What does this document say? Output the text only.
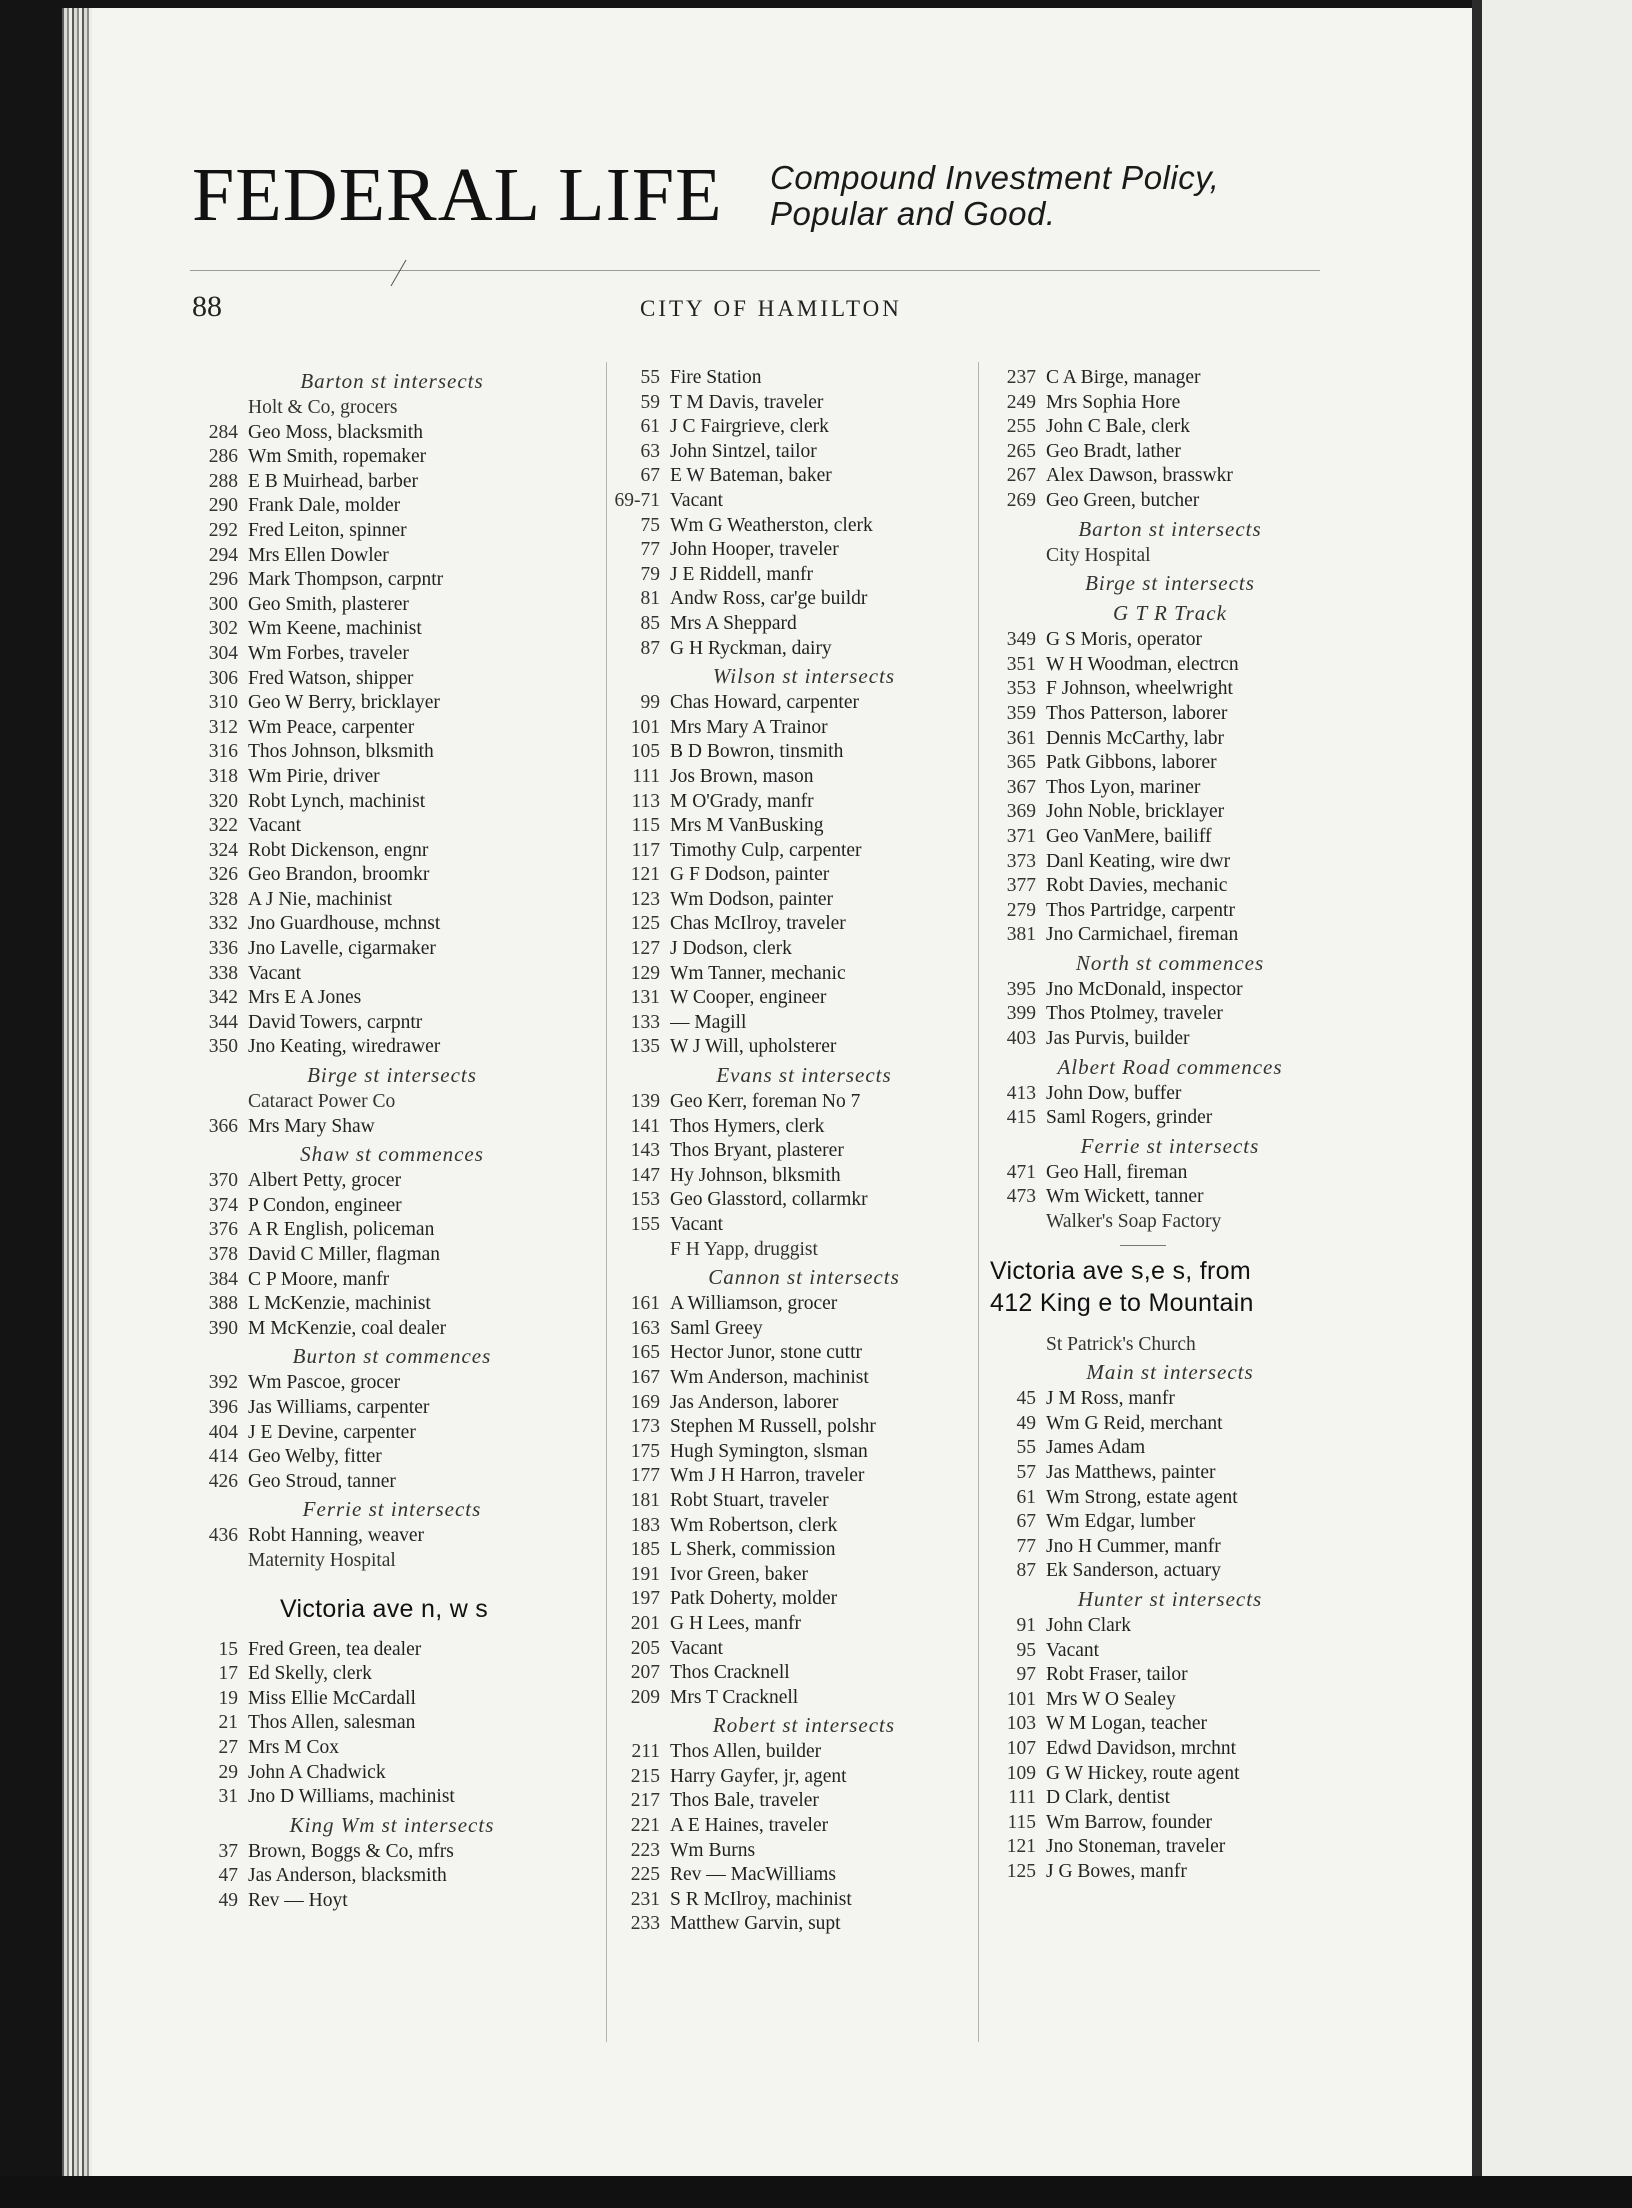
FEDERAL LIFE Compound Investment Policy,
Popular and Good.
88	CITY OF HAMILTON
Barton st intersects
Holt & Co, grocers
284 Geo Moss, blacksmith
286 Wm Smith, ropemaker
288 E B Muirhead, barber
290 Frank Dale, molder
292 Fred Leiton, spinner
294 Mrs Ellen Dowler
296 Mark Thompson, carpntr
300 Geo Smith, plasterer
302 Wm Keene, machinist
304 Wm Forbes, traveler
306 Fred Watson, shipper
310 Geo W Berry, bricklayer
312 Wm Peace, carpenter
316 Thos Johnson, blksmith
318 Wm Pirie, driver
320 Robt Lynch, machinist
322 Vacant
324 Robt Dickenson, engnr
326 Geo Brandon, broomkr
328 A J Nie, machinist
332 Jno Guardhouse, mchnst
336 Jno Lavelle, cigarmaker
338 Vacant
342 Mrs E A Jones
344 David Towers, carpntr
350 Jno Keating, wiredrawer
Birge st intersects
Cataract Power Co
366 Mrs Mary Shaw
Shaw st commences
370 Albert Petty, grocer
374 P Condon, engineer
376 A R English, policeman
378 David C Miller, flagman
384 C P Moore, manfr
388 L McKenzie, machinist
390 M McKenzie, coal dealer
Burton st commences
392 Wm Pascoe, grocer
396 Jas Williams, carpenter
404 J E Devine, carpenter
414 Geo Welby, fitter
426 Geo Stroud, tanner
Ferrie st intersects
436 Robt Hanning, weaver
Maternity Hospital
Victoria ave n, w s
15 Fred Green, tea dealer
17 Ed Skelly, clerk
19 Miss Ellie McCardall
21 Thos Allen, salesman
27 Mrs M Cox
29 John A Chadwick
31 Jno D Williams, machinist
King Wm st intersects
37 Brown, Boggs & Co, mfrs
47 Jas Anderson, blacksmith
49 Rev — Hoyt
55 Fire Station
59 T M Davis, traveler
61 J C Fairgrieve, clerk
63 John Sintzel, tailor
67 E W Bateman, baker
69-71 Vacant
75 Wm G Weatherston, clerk
77 John Hooper, traveler
79 J E Riddell, manfr
81 Andw Ross, car'ge buildr
85 Mrs A Sheppard
87 G H Ryckman, dairy
Wilson st intersects
99 Chas Howard, carpenter
101 Mrs Mary A Trainor
105 B D Bowron, tinsmith
111 Jos Brown, mason
113 M O'Grady, manfr
115 Mrs M VanBusking
117 Timothy Culp, carpenter
121 G F Dodson, painter
123 Wm Dodson, painter
125 Chas McIlroy, traveler
127 J Dodson, clerk
129 Wm Tanner, mechanic
131 W Cooper, engineer
133 — Magill
135 W J Will, upholsterer
Evans st intersects
139 Geo Kerr, foreman No 7
141 Thos Hymers, clerk
143 Thos Bryant, plasterer
147 Hy Johnson, blksmith
153 Geo Glasstord, collarmkr
155 Vacant
F H Yapp, druggist
Cannon st intersects
161 A Williamson, grocer
163 Saml Greey
165 Hector Junor, stone cuttr
167 Wm Anderson, machinist
169 Jas Anderson, laborer
173 Stephen M Russell, polshr
175 Hugh Symington, slsman
177 Wm J H Harron, traveler
181 Robt Stuart, traveler
183 Wm Robertson, clerk
185 L Sherk, commission
191 Ivor Green, baker
197 Patk Doherty, molder
201 G H Lees, manfr
205 Vacant
207 Thos Cracknell
209 Mrs T Cracknell
Robert st intersects
211 Thos Allen, builder
215 Harry Gayfer, jr, agent
217 Thos Bale, traveler
221 A E Haines, traveler
223 Wm Burns
225 Rev — MacWilliams
231 S R McIlroy, machinist
233 Matthew Garvin, supt
237 C A Birge, manager
249 Mrs Sophia Hore
255 John C Bale, clerk
265 Geo Bradt, lather
267 Alex Dawson, brasswkr
269 Geo Green, butcher
Barton st intersects
City Hospital
Birge st intersects
G T R Track
349 G S Moris, operator
351 W H Woodman, electrcn
353 F Johnson, wheelwright
359 Thos Patterson, laborer
361 Dennis McCarthy, labr
365 Patk Gibbons, laborer
367 Thos Lyon, mariner
369 John Noble, bricklayer
371 Geo VanMere, bailiff
373 Danl Keating, wire dwr
377 Robt Davies, mechanic
279 Thos Partridge, carpentr
381 Jno Carmichael, fireman
North st commences
395 Jno McDonald, inspector
399 Thos Ptolmey, traveler
403 Jas Purvis, builder
Albert Road commences
413 John Dow, buffer
415 Saml Rogers, grinder
Ferrie st intersects
471 Geo Hall, fireman
473 Wm Wickett, tanner
Walker's Soap Factory
Victoria ave s,e s, from
412 King e to Mountain
St Patrick's Church
Main st intersects
45 J M Ross, manfr
49 Wm G Reid, merchant
55 James Adam
57 Jas Matthews, painter
61 Wm Strong, estate agent
67 Wm Edgar, lumber
77 Jno H Cummer, manfr
87 Ek Sanderson, actuary
Hunter st intersects
91 John Clark
95 Vacant
97 Robt Fraser, tailor
101 Mrs W O Sealey
103 W M Logan, teacher
107 Edwd Davidson, mrchnt
109 G W Hickey, route agent
111 D Clark, dentist
115 Wm Barrow, founder
121 Jno Stoneman, traveler
125 J G Bowes, manfr
